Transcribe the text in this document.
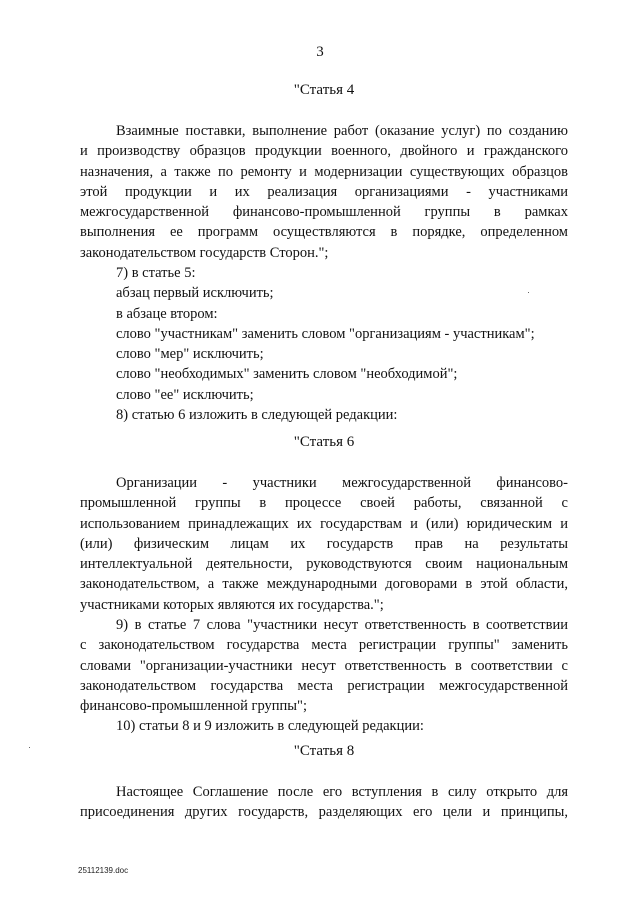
3
"Статья 4
Взаимные поставки, выполнение работ (оказание услуг) по созданию
и производству образцов продукции военного, двойного и гражданского
назначения, а также по ремонту и модернизации существующих образцов
этой продукции и их реализация организациями - участниками
межгосударственной финансово-промышленной группы в рамках
выполнения ее программ осуществляются в порядке, определенном
законодательством государств Сторон.";
7) в статье 5:
абзац первый исключить;
в абзаце втором:
слово "участникам" заменить словом "организациям - участникам";
слово "мер" исключить;
слово "необходимых" заменить словом "необходимой";
слово "ее" исключить;
8) статью 6 изложить в следующей редакции:
"Статья 6
Организации - участники межгосударственной финансово-
промышленной группы в процессе своей работы, связанной с
использованием принадлежащих их государствам и (или) юридическим и
(или) физическим лицам их государств прав на результаты
интеллектуальной деятельности, руководствуются своим национальным
законодательством, а также международными договорами в этой области,
участниками которых являются их государства.";
9) в статье 7 слова "участники несут ответственность в соответствии
с законодательством государства места регистрации группы" заменить
словами "организации-участники несут ответственность в соответствии с
законодательством государства места регистрации межгосударственной
финансово-промышленной группы";
10) статьи 8 и 9 изложить в следующей редакции:
"Статья 8
Настоящее Соглашение после его вступления в силу открыто для
присоединения других государств, разделяющих его цели и принципы,
25112139.doc
